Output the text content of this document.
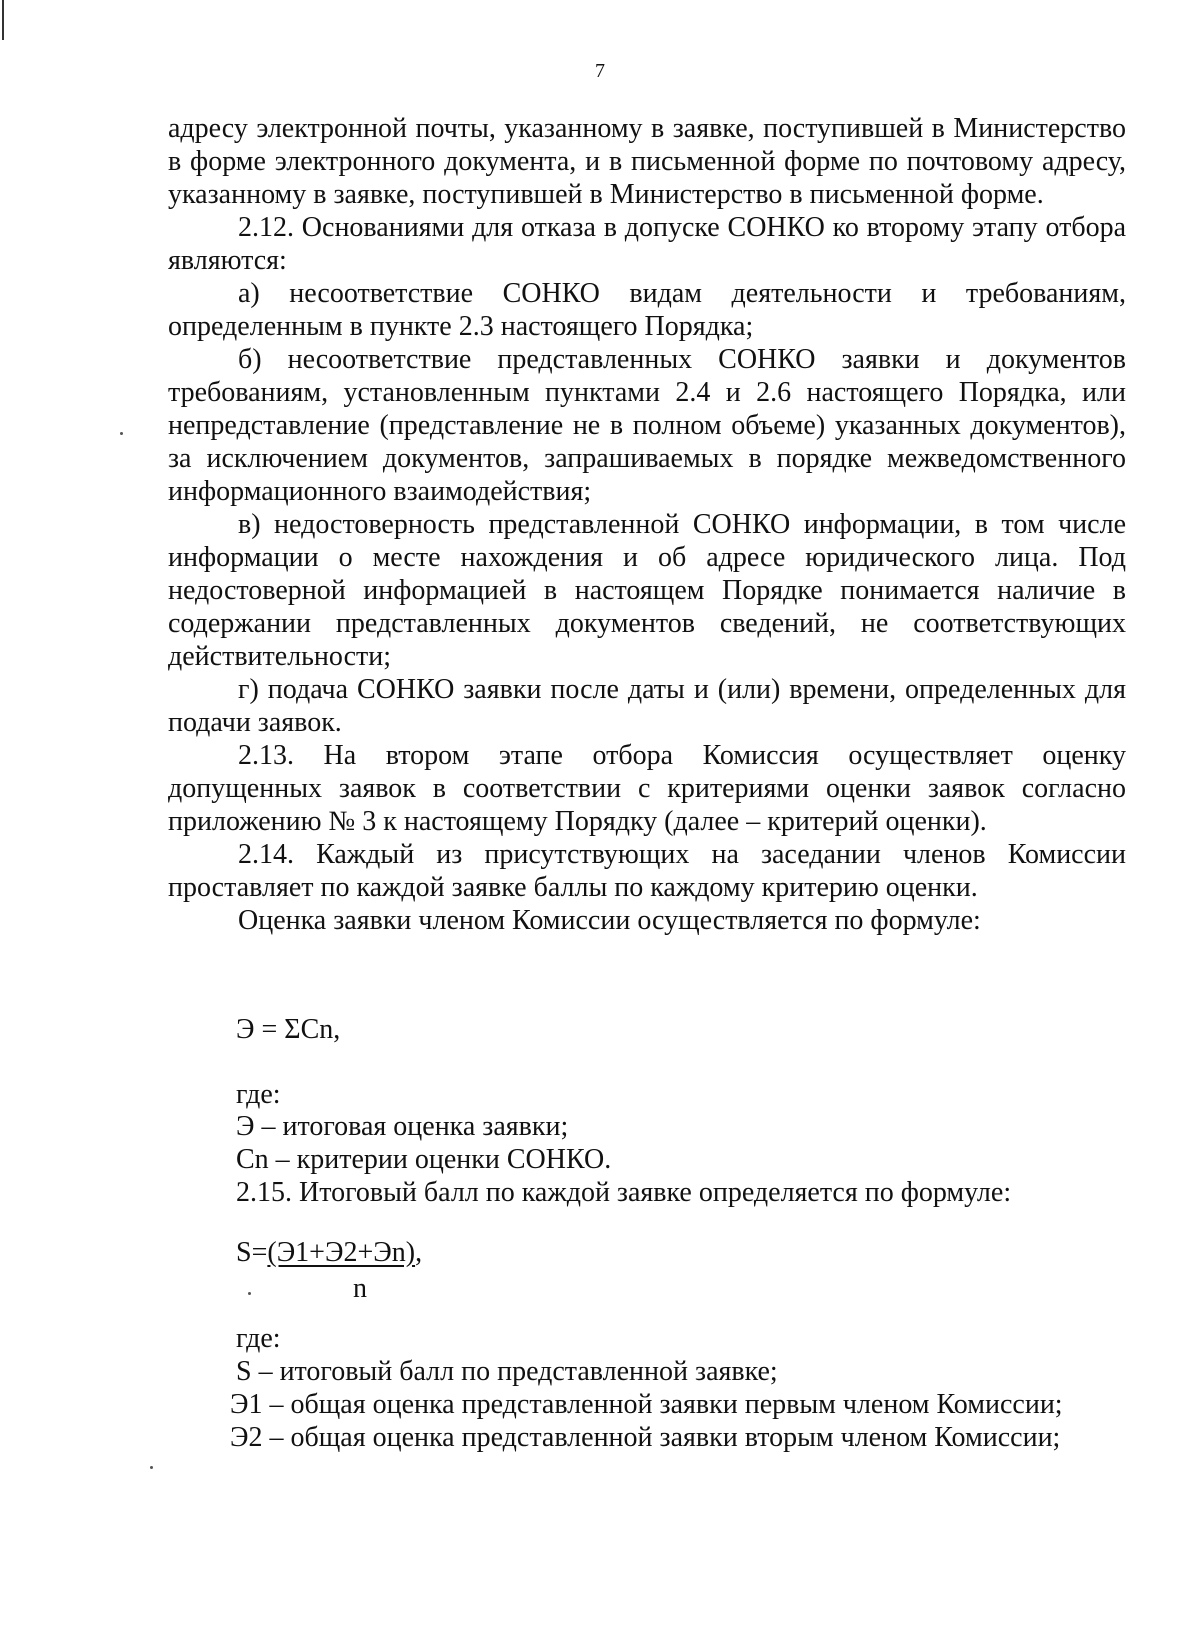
7

адресу электронной почты, указанному в заявке, поступившей в Министерство в форме электронного документа, и в письменной форме по почтовому адресу, указанному в заявке, поступившей в Министерство в письменной форме.

2.12. Основаниями для отказа в допуске СОНКО ко второму этапу отбора являются:

а) несоответствие СОНКО видам деятельности и требованиям, определенным в пункте 2.3 настоящего Порядка;

б) несоответствие представленных СОНКО заявки и документов требованиям, установленным пунктами 2.4 и 2.6 настоящего Порядка, или непредставление (представление не в полном объеме) указанных документов), за исключением документов, запрашиваемых в порядке межведомственного информационного взаимодействия;

в) недостоверность представленной СОНКО информации, в том числе информации о месте нахождения и об адресе юридического лица. Под недостоверной информацией в настоящем Порядке понимается наличие в содержании представленных документов сведений, не соответствующих действительности;

г) подача СОНКО заявки после даты и (или) времени, определенных для подачи заявок.

2.13. На втором этапе отбора Комиссия осуществляет оценку допущенных заявок в соответствии с критериями оценки заявок согласно приложению № 3 к настоящему Порядку (далее – критерий оценки).

2.14. Каждый из присутствующих на заседании членов Комиссии проставляет по каждой заявке баллы по каждому критерию оценки.

Оценка заявки членом Комиссии осуществляется по формуле:

Э = ΣCn,
где:
Э – итоговая оценка заявки;
Cn – критерии оценки СОНКО.
2.15. Итоговый балл по каждой заявке определяется по формуле:
S=(Э1+Э2+Эn),
n
где:
S – итоговый балл по представленной заявке;

Э1 – общая оценка представленной заявки первым членом Комиссии;

Э2 – общая оценка представленной заявки вторым членом Комиссии;
